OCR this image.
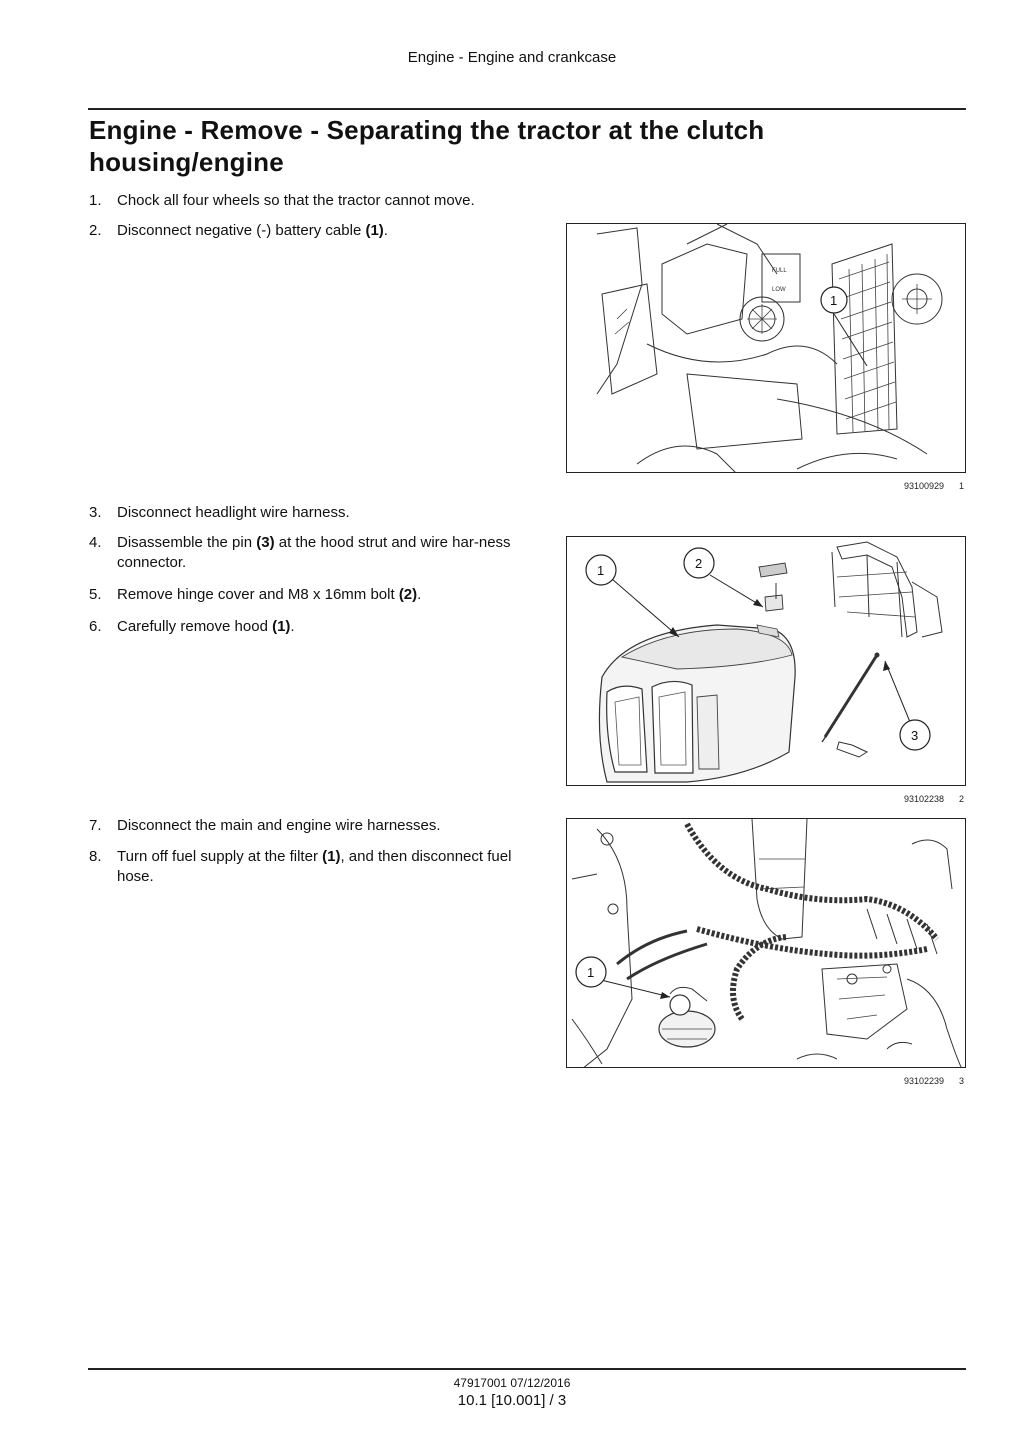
Engine - Engine and crankcase
Engine - Remove - Separating the tractor at the clutch housing/engine
1. Chock all four wheels so that the tractor cannot move.
2. Disconnect negative (-) battery cable (1).
FULL
LOW
1
93100929 1
3. Disconnect headlight wire harness.
4. Disassemble the pin (3) at the hood strut and wire har-ness connector.
5. Remove hinge cover and M8 x 16mm bolt (2).
6. Carefully remove hood (1).
1	2
3
93102238 2
7. Disconnect the main and engine wire harnesses.
8. Turn off fuel supply at the filter (1), and then disconnect fuel hose.
1
93102239 3
47917001 07/12/2016
10.1 [10.001] / 3
